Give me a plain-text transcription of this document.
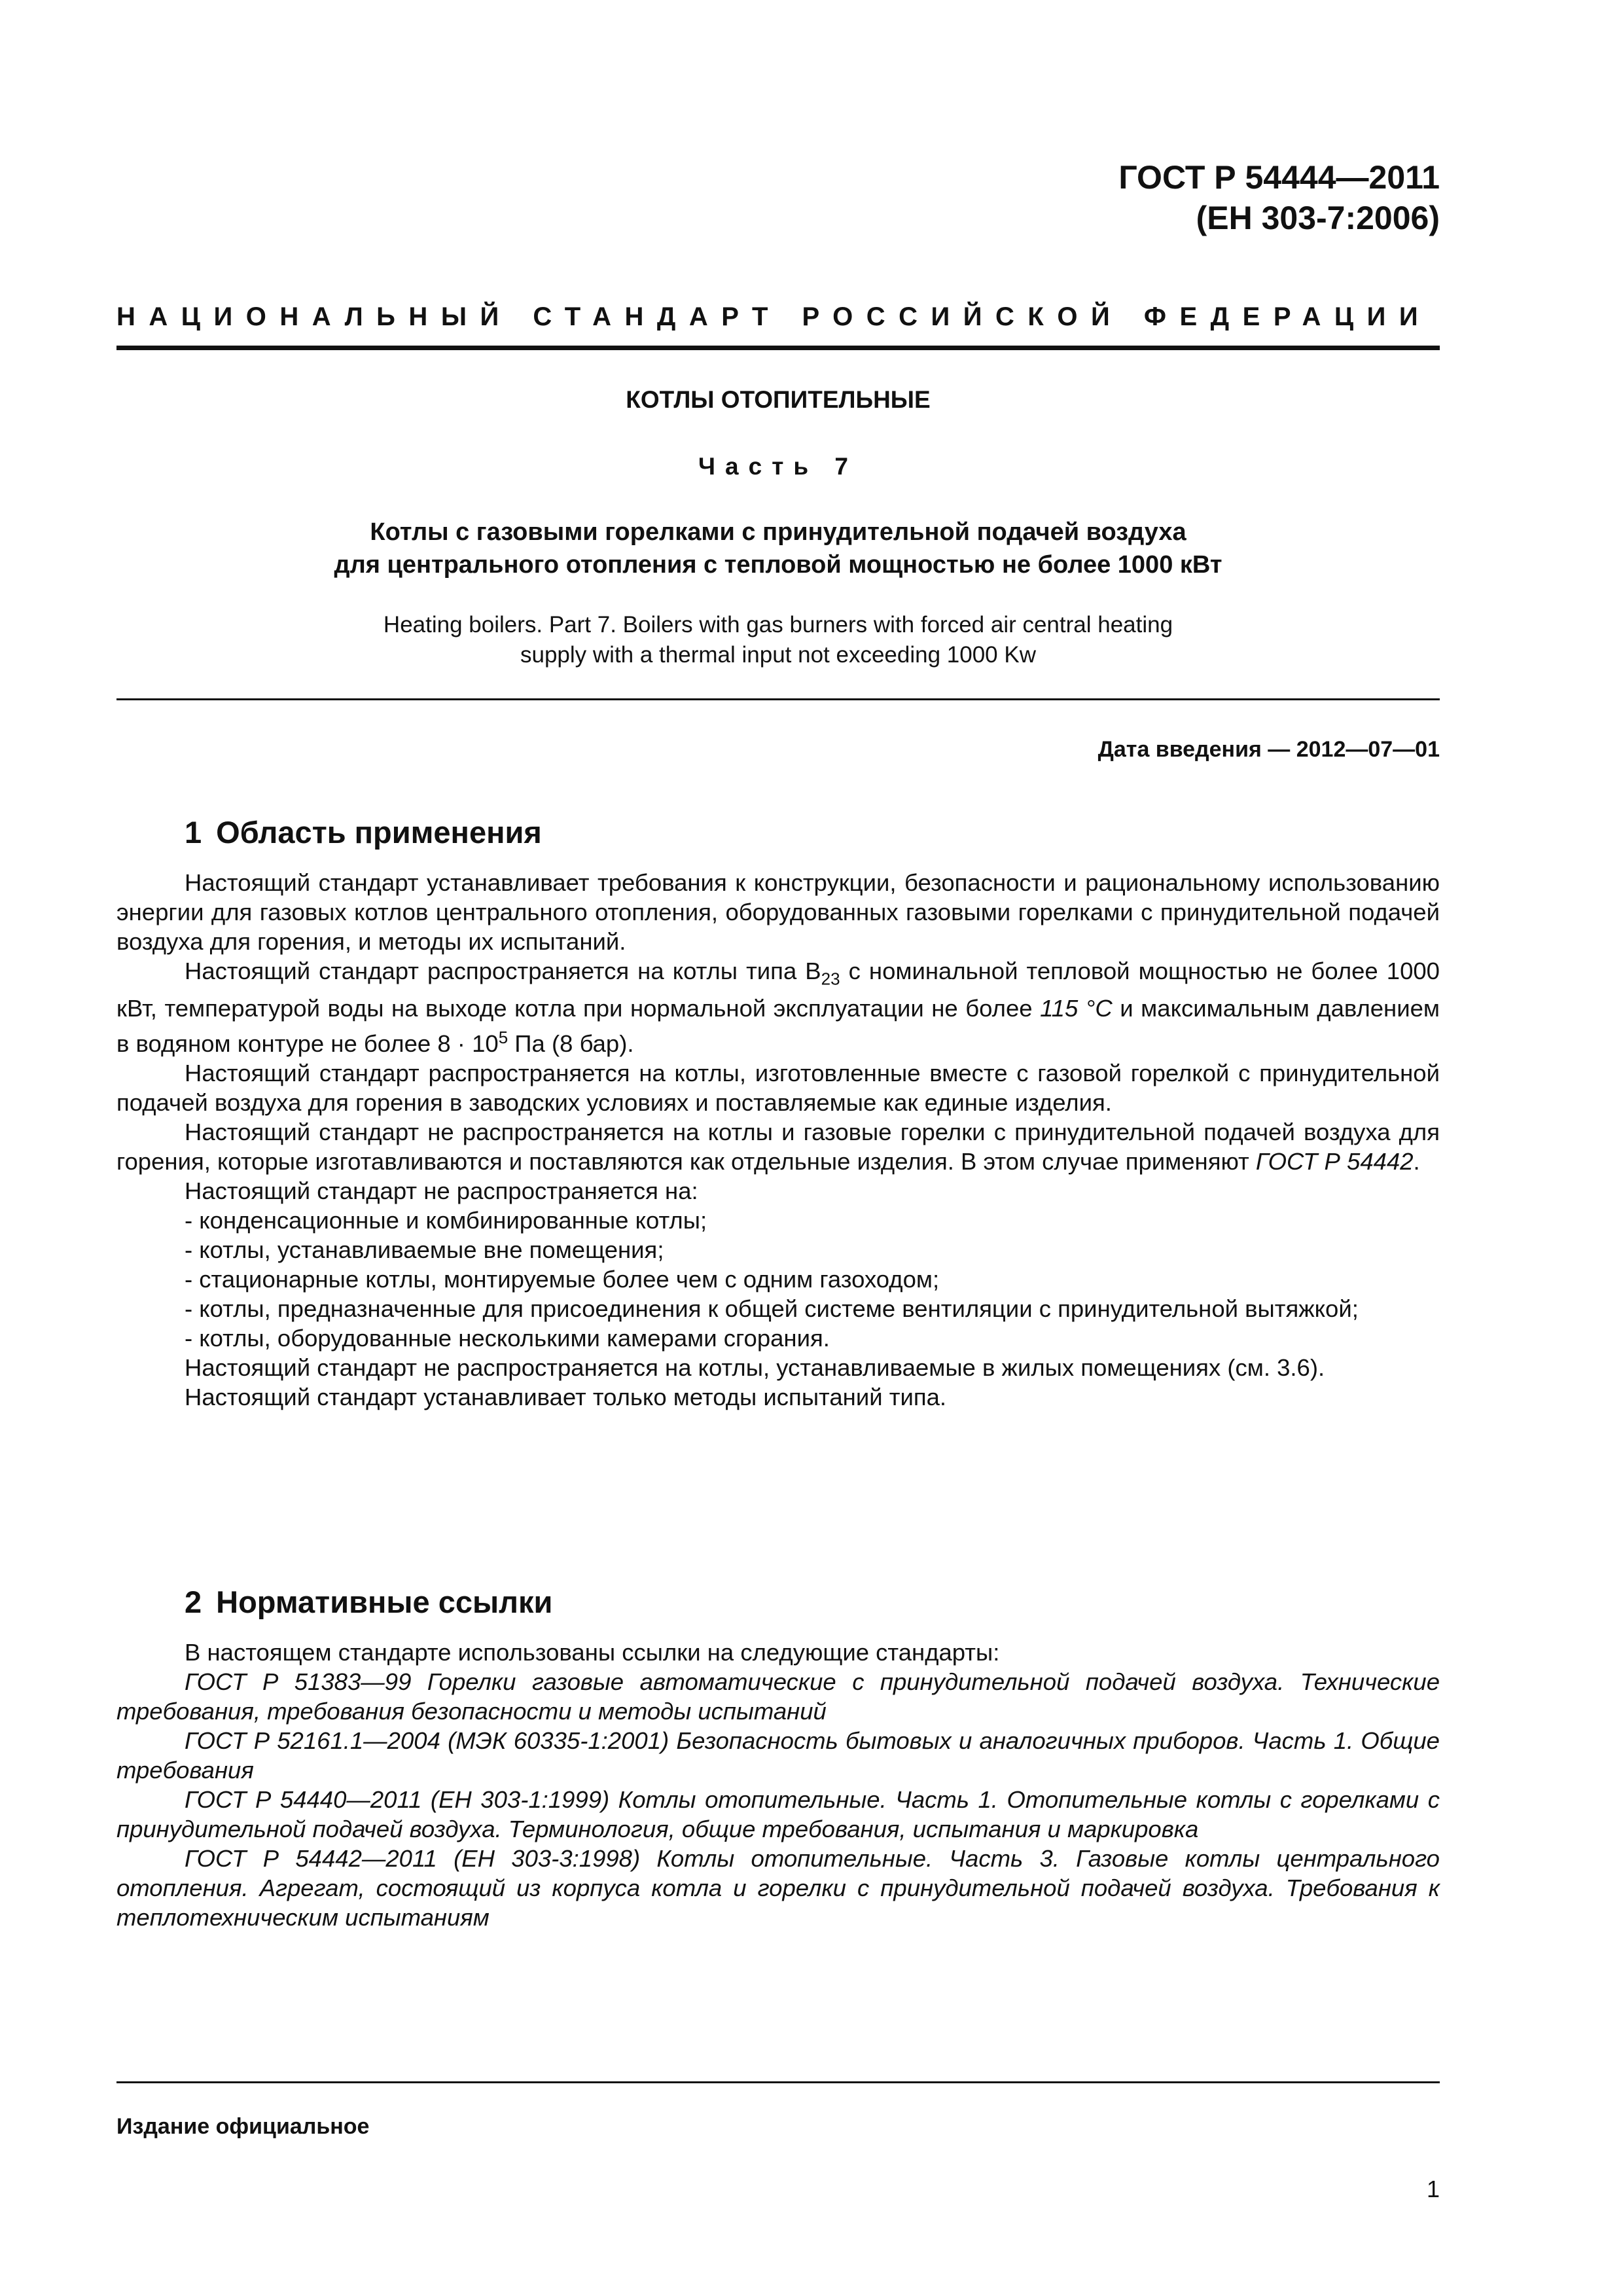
ГОСТ Р 54444—2011
(ЕН 303-7:2006)
НАЦИОНАЛЬНЫЙ СТАНДАРТ РОССИЙСКОЙ ФЕДЕРАЦИИ
КОТЛЫ ОТОПИТЕЛЬНЫЕ
Часть 7
Котлы с газовыми горелками с принудительной подачей воздуха
для центрального отопления с тепловой мощностью не более 1000 кВт
Heating boilers. Part 7. Boilers with gas burners with forced air central heating
supply with a thermal input not exceeding 1000 Kw
Дата введения — 2012—07—01
1 Область применения

Настоящий стандарт устанавливает требования к конструкции, безопасности и рациональному использованию энергии для газовых котлов центрального отопления, оборудованных газовыми горелками с принудительной подачей воздуха для горения, и методы их испытаний.

Настоящий стандарт распространяется на котлы типа $В_{23}$ с номинальной тепловой мощностью не более 1000 кВт, температурой воды на выходе котла при нормальной эксплуатации не более 115 °С и максимальным давлением в водяном контуре не более $8 \cdot 10^5$ Па (8 бар).

Настоящий стандарт распространяется на котлы, изготовленные вместе с газовой горелкой с принудительной подачей воздуха для горения в заводских условиях и поставляемые как единые изделия.

Настоящий стандарт не распространяется на котлы и газовые горелки с принудительной подачей воздуха для горения, которые изготавливаются и поставляются как отдельные изделия. В этом случае применяют ГОСТ Р 54442.

Настоящий стандарт не распространяется на:

- конденсационные и комбинированные котлы;

- котлы, устанавливаемые вне помещения;

- стационарные котлы, монтируемые более чем с одним газоходом;

- котлы, предназначенные для присоединения к общей системе вентиляции с принудительной вытяжкой;

- котлы, оборудованные несколькими камерами сгорания.

Настоящий стандарт не распространяется на котлы, устанавливаемые в жилых помещениях (см. 3.6).

Настоящий стандарт устанавливает только методы испытаний типа.

2 Нормативные ссылки

В настоящем стандарте использованы ссылки на следующие стандарты:

ГОСТ Р 51383—99 Горелки газовые автоматические с принудительной подачей воздуха. Технические требования, требования безопасности и методы испытаний

ГОСТ Р 52161.1—2004 (МЭК 60335-1:2001) Безопасность бытовых и аналогичных приборов. Часть 1. Общие требования

ГОСТ Р 54440—2011 (ЕН 303-1:1999) Котлы отопительные. Часть 1. Отопительные котлы с горелками с принудительной подачей воздуха. Терминология, общие требования, испытания и маркировка

ГОСТ Р 54442—2011 (ЕН 303-3:1998) Котлы отопительные. Часть 3. Газовые котлы центрального отопления. Агрегат, состоящий из корпуса котла и горелки с принудительной подачей воздуха. Требования к теплотехническим испытаниям

Издание официальное
1
